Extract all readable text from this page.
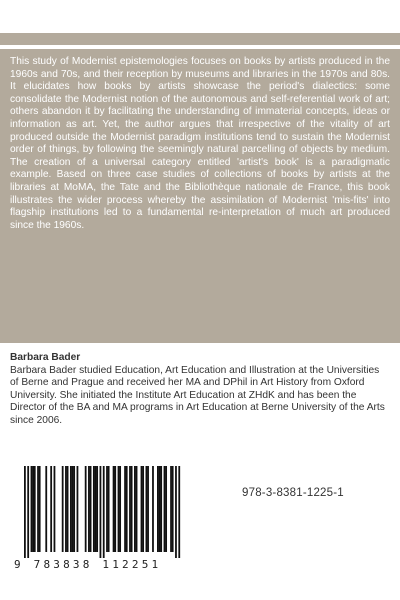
This study of Modernist epistemologies focuses on books by artists produced in the 1960s and 70s, and their reception by museums and libraries in the 1970s and 80s. It elucidates how books by artists showcase the period's dialectics: some consolidate the Modernist notion of the autonomous and self-referential work of art; others abandon it by facilitating the understanding of immaterial concepts, ideas or information as art. Yet, the author argues that irrespective of the vitality of art produced outside the Modernist paradigm institutions tend to sustain the Modernist order of things, by following the seemingly natural parcelling of objects by medium. The creation of a universal category entitled 'artist's book' is a paradigmatic example. Based on three case studies of collections of books by artists at the libraries at MoMA, the Tate and the Bibliothèque nationale de France, this book illustrates the wider process whereby the assimilation of Modernist 'mis-fits' into flagship institutions led to a fundamental re-interpretation of much art produced since the 1960s.

Barbara Bader

Barbara Bader studied Education, Art Education and Illustration at the Universities of Berne and Prague and received her MA and DPhil in Art History from Oxford University. She initiated the Institute Art Education at ZHdK and has been the Director of the BA and MA programs in Art Education at Berne University of the Arts since 2006.

9 783838 112251
978-3-8381-1225-1
